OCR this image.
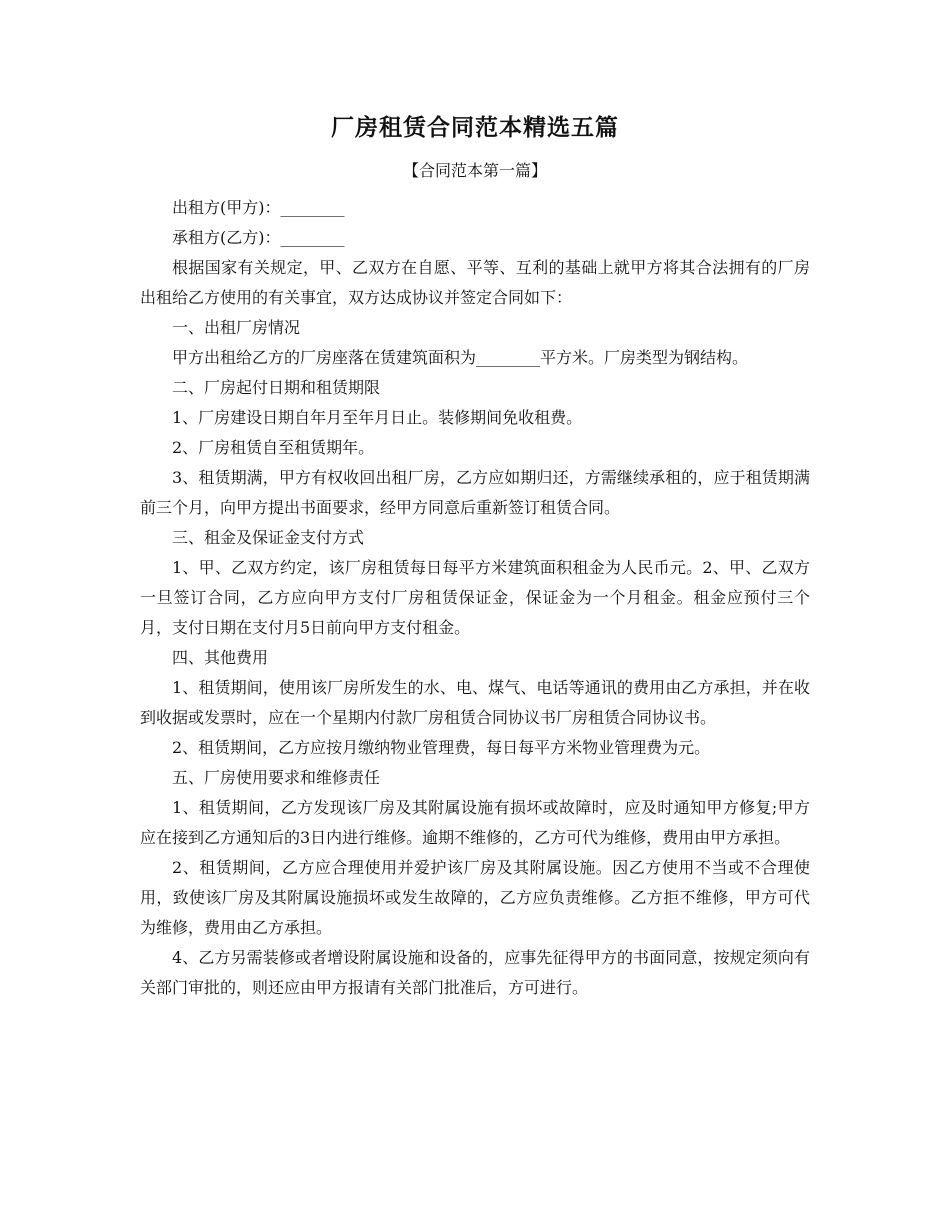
厂房租赁合同范本精选五篇
【合同范本第一篇】

出租方(甲方)：________

承租方(乙方)：________

根据国家有关规定，甲、乙双方在自愿、平等、互利的基础上就甲方将其合法拥有的厂房出租给乙方使用的有关事宜，双方达成协议并签定合同如下：

一、出租厂房情况

甲方出租给乙方的厂房座落在赁建筑面积为________平方米。厂房类型为钢结构。

二、厂房起付日期和租赁期限

1、厂房建设日期自年月至年月日止。装修期间免收租费。

2、厂房租赁自至租赁期年。

3、租赁期满，甲方有权收回出租厂房，乙方应如期归还，方需继续承租的，应于租赁期满前三个月，向甲方提出书面要求，经甲方同意后重新签订租赁合同。

三、租金及保证金支付方式

1、甲、乙双方约定，该厂房租赁每日每平方米建筑面积租金为人民币元。2、甲、乙双方一旦签订合同，乙方应向甲方支付厂房租赁保证金，保证金为一个月租金。租金应预付三个月，支付日期在支付月5日前向甲方支付租金。

四、其他费用

1、租赁期间，使用该厂房所发生的水、电、煤气、电话等通讯的费用由乙方承担，并在收到收据或发票时，应在一个星期内付款厂房租赁合同协议书厂房租赁合同协议书。

2、租赁期间，乙方应按月缴纳物业管理费，每日每平方米物业管理费为元。

五、厂房使用要求和维修责任

1、租赁期间，乙方发现该厂房及其附属设施有损坏或故障时，应及时通知甲方修复;甲方应在接到乙方通知后的3日内进行维修。逾期不维修的，乙方可代为维修，费用由甲方承担。

2、租赁期间，乙方应合理使用并爱护该厂房及其附属设施。因乙方使用不当或不合理使用，致使该厂房及其附属设施损坏或发生故障的，乙方应负责维修。乙方拒不维修，甲方可代为维修，费用由乙方承担。

4、乙方另需装修或者增设附属设施和设备的，应事先征得甲方的书面同意，按规定须向有关部门审批的，则还应由甲方报请有关部门批准后，方可进行。
